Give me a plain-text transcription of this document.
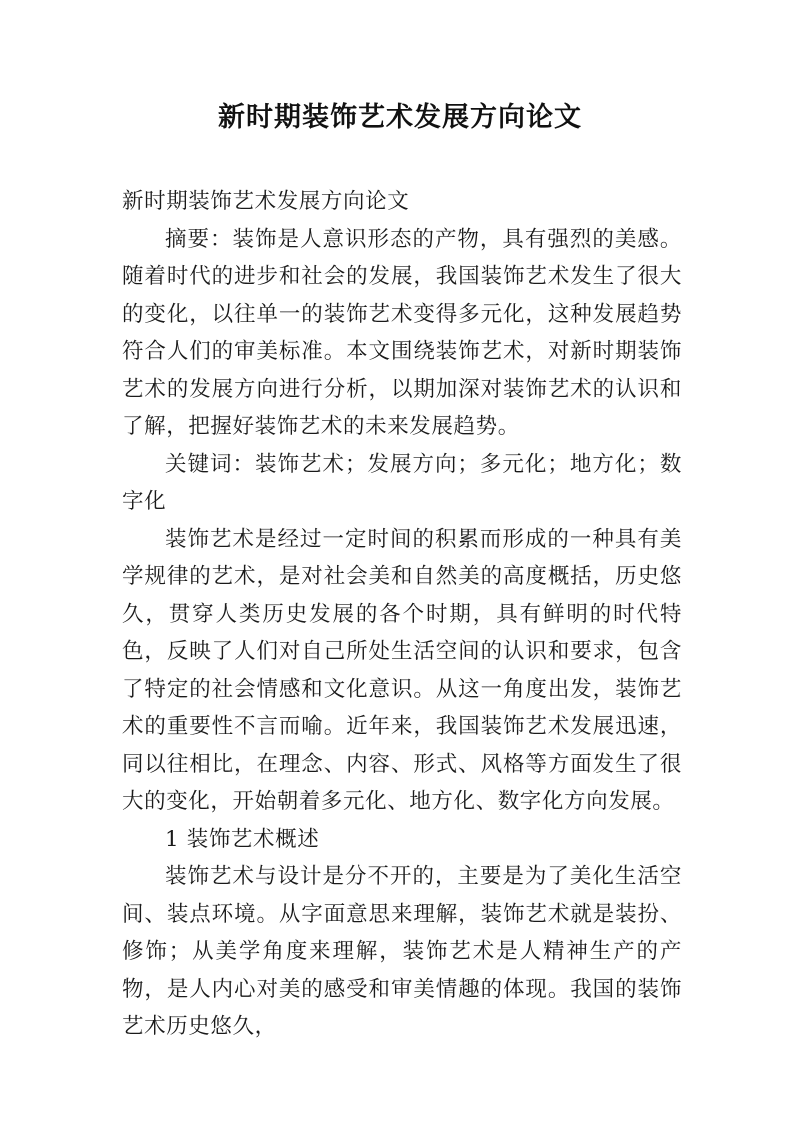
新时期装饰艺术发展方向论文

新时期装饰艺术发展方向论文

摘要：装饰是人意识形态的产物，具有强烈的美感。随着时代的进步和社会的发展，我国装饰艺术发生了很大的变化，以往单一的装饰艺术变得多元化，这种发展趋势符合人们的审美标准。本文围绕装饰艺术，对新时期装饰艺术的发展方向进行分析，以期加深对装饰艺术的认识和了解，把握好装饰艺术的未来发展趋势。

关键词：装饰艺术；发展方向；多元化；地方化；数字化

装饰艺术是经过一定时间的积累而形成的一种具有美学规律的艺术，是对社会美和自然美的高度概括，历史悠久，贯穿人类历史发展的各个时期，具有鲜明的时代特色，反映了人们对自己所处生活空间的认识和要求，包含了特定的社会情感和文化意识。从这一角度出发，装饰艺术的重要性不言而喻。近年来，我国装饰艺术发展迅速，同以往相比，在理念、内容、形式、风格等方面发生了很大的变化，开始朝着多元化、地方化、数字化方向发展。

1 装饰艺术概述

装饰艺术与设计是分不开的，主要是为了美化生活空间、装点环境。从字面意思来理解，装饰艺术就是装扮、修饰；从美学角度来理解，装饰艺术是人精神生产的产物，是人内心对美的感受和审美情趣的体现。我国的装饰艺术历史悠久，
